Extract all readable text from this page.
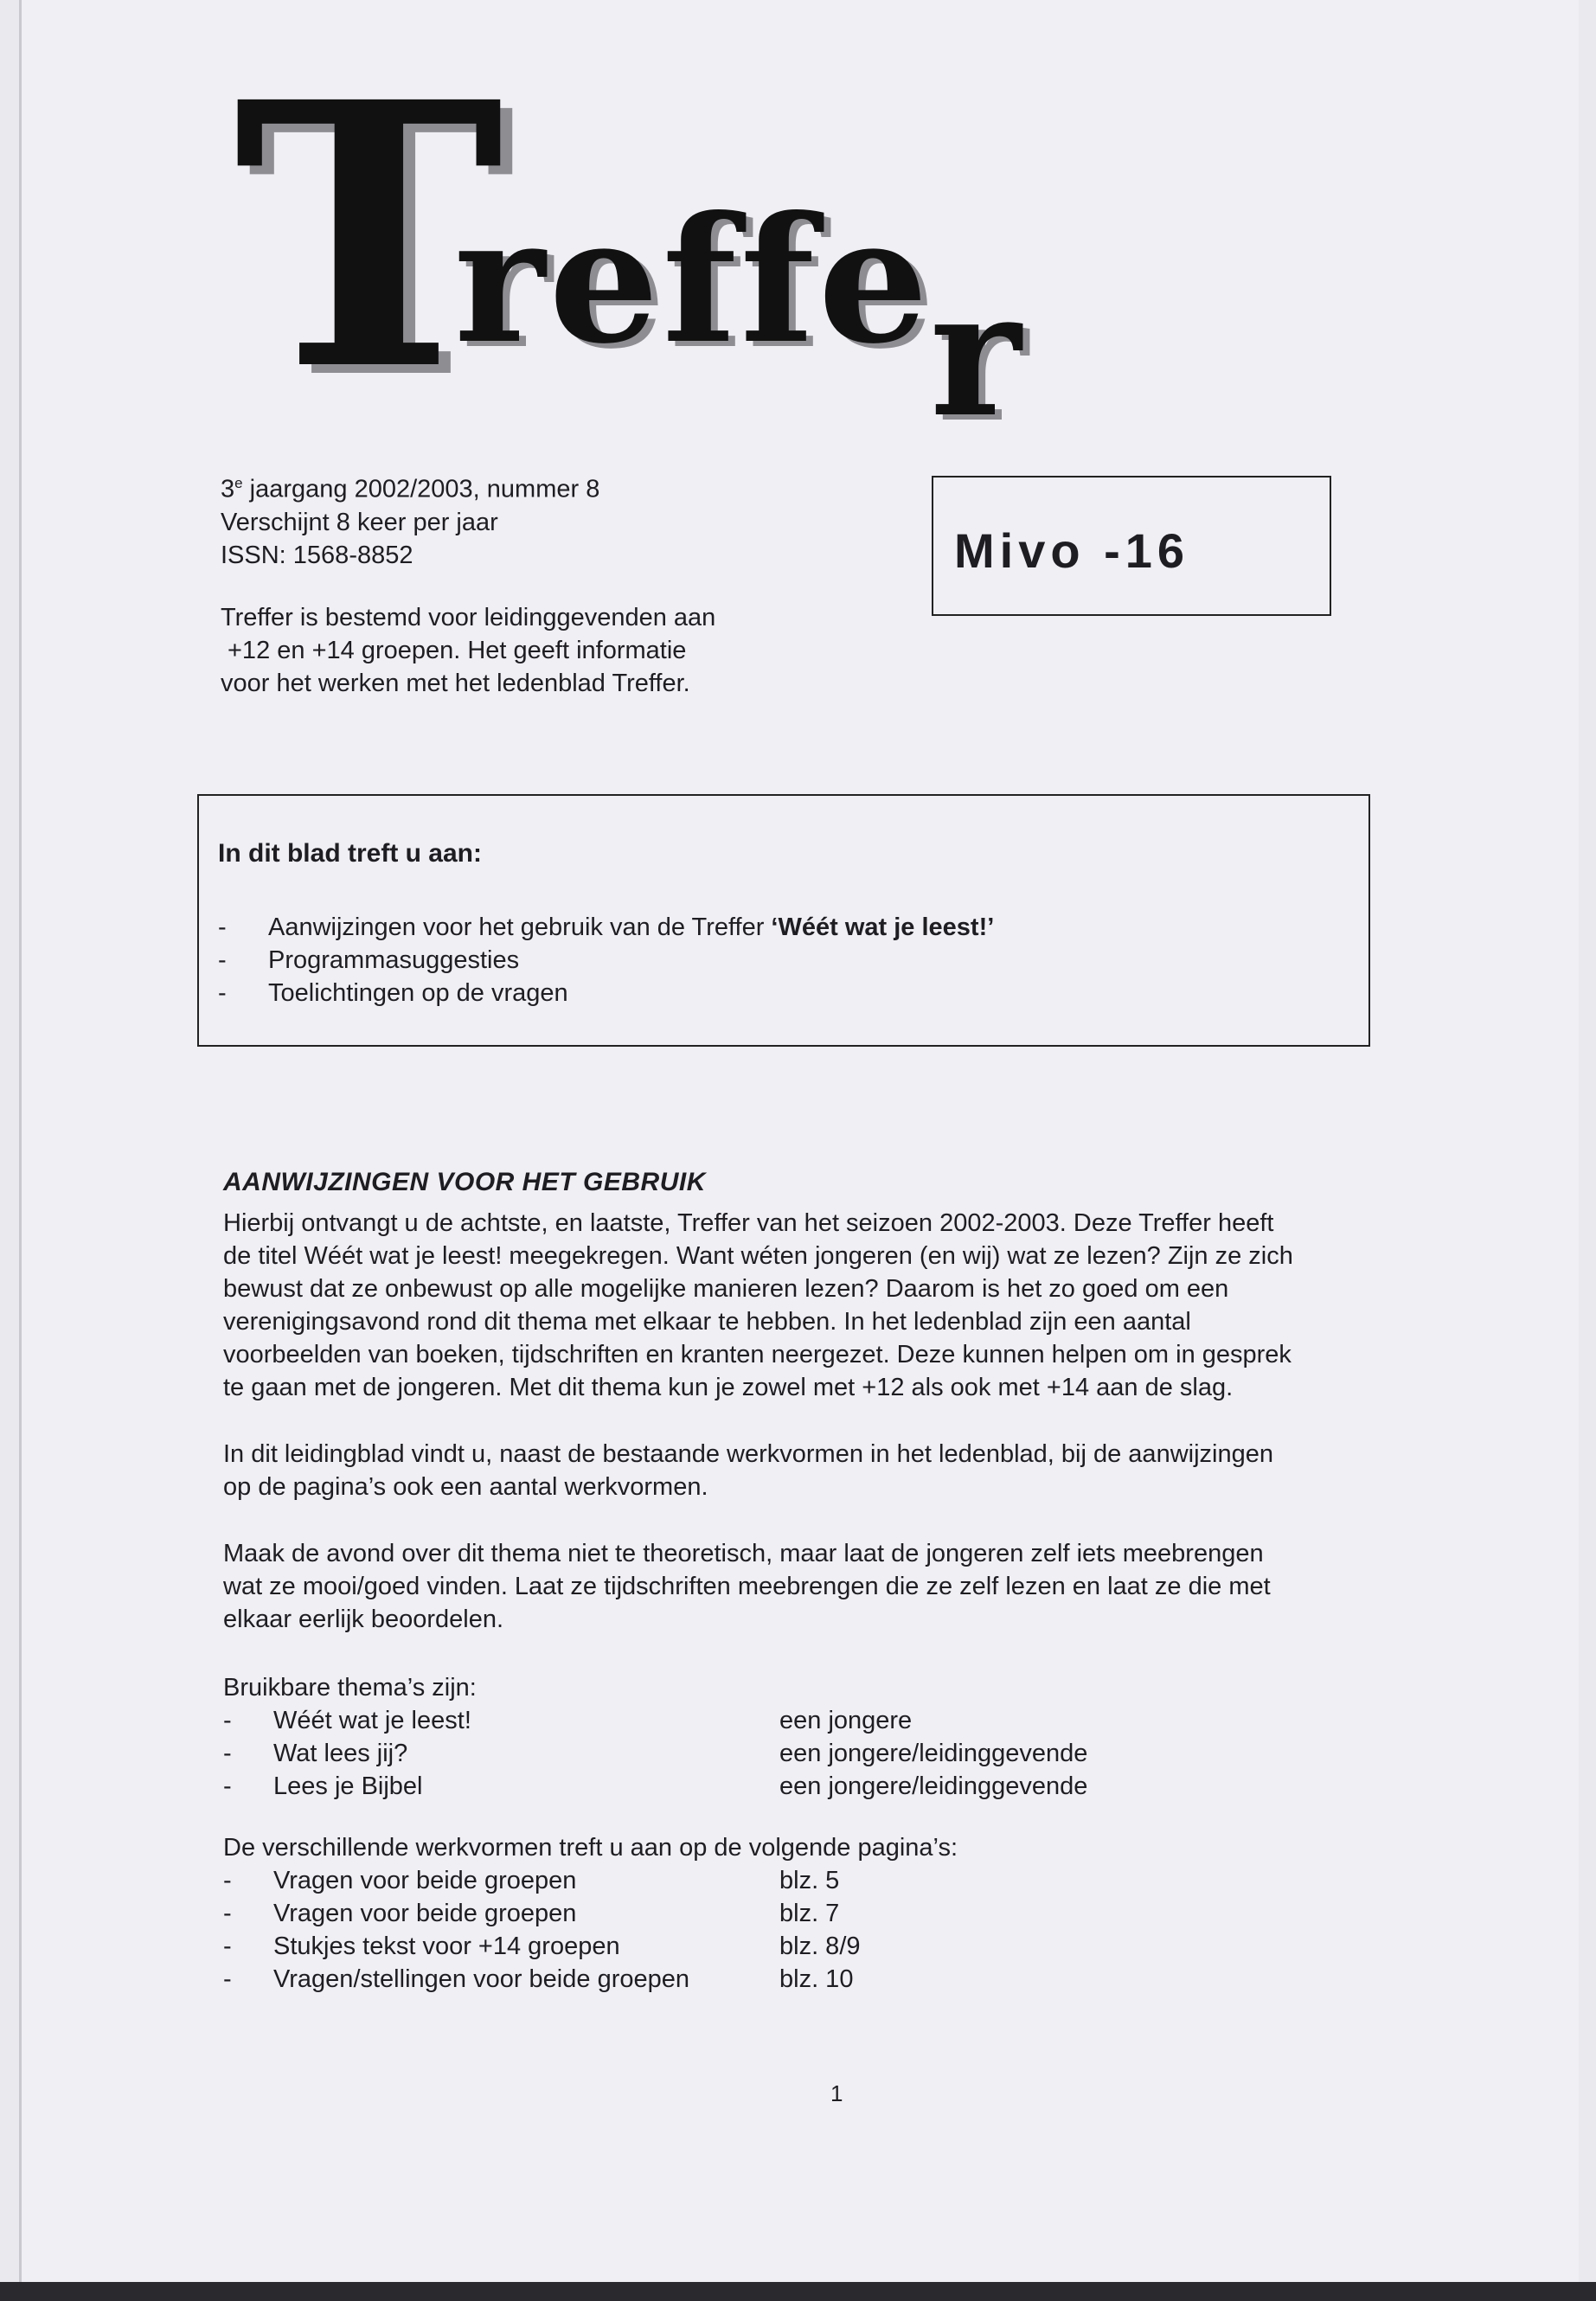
T
reffe
r
3e jaargang 2002/2003, nummer 8
Verschijnt 8 keer per jaar
ISSN: 1568-8852	Mivo -16
Treffer is bestemd voor leidinggevenden aan
+12 en +14 groepen. Het geeft informatie
voor het werken met het ledenblad Treffer.
In dit blad treft u aan:
-	Aanwijzingen voor het gebruik van de Treffer ‘Wéét wat je leest!’
-	Programmasuggesties
-	Toelichtingen op de vragen
AANWIJZINGEN VOOR HET GEBRUIK
Hierbij ontvangt u de achtste, en laatste, Treffer van het seizoen 2002-2003. Deze Treffer heeft
de titel Wéét wat je leest! meegekregen. Want wéten jongeren (en wij) wat ze lezen? Zijn ze zich
bewust dat ze onbewust op alle mogelijke manieren lezen? Daarom is het zo goed om een
verenigingsavond rond dit thema met elkaar te hebben. In het ledenblad zijn een aantal
voorbeelden van boeken, tijdschriften en kranten neergezet. Deze kunnen helpen om in gesprek
te gaan met de jongeren. Met dit thema kun je zowel met +12 als ook met +14 aan de slag.
In dit leidingblad vindt u, naast de bestaande werkvormen in het ledenblad, bij de aanwijzingen
op de pagina’s ook een aantal werkvormen.
Maak de avond over dit thema niet te theoretisch, maar laat de jongeren zelf iets meebrengen
wat ze mooi/goed vinden. Laat ze tijdschriften meebrengen die ze zelf lezen en laat ze die met
elkaar eerlijk beoordelen.
Bruikbare thema’s zijn:
-	Wéét wat je leest!	een jongere
-	Wat lees jij?	een jongere/leidinggevende
-	Lees je Bijbel	een jongere/leidinggevende
De verschillende werkvormen treft u aan op de volgende pagina’s:
-	Vragen voor beide groepen	blz. 5
-	Vragen voor beide groepen	blz. 7
-	Stukjes tekst voor +14 groepen	blz. 8/9
-	Vragen/stellingen voor beide groepen	blz. 10
1
